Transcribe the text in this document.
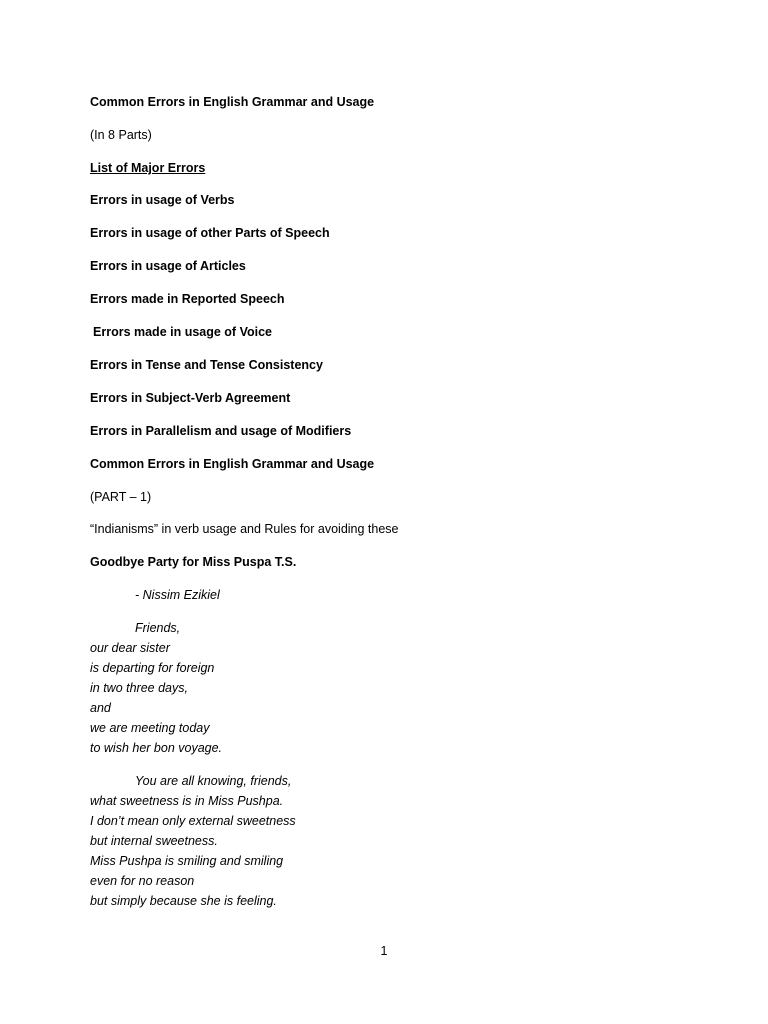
Common Errors in English Grammar and Usage

(In 8 Parts)

List of Major Errors

Errors in usage of Verbs

Errors in usage of other Parts of Speech

Errors in usage of Articles

Errors made in Reported Speech

Errors made in usage of Voice

Errors in Tense and Tense Consistency

Errors in Subject-Verb Agreement

Errors in Parallelism and usage of Modifiers

Common Errors in English Grammar and Usage

(PART – 1)

“Indianisms” in verb usage and Rules for avoiding these

Goodbye Party for Miss Puspa T.S.

- Nissim Ezikiel

Friends,

our dear sister

is departing for foreign

in two three days,

and

we are meeting today

to wish her bon voyage.

You are all knowing, friends,

what sweetness is in Miss Pushpa.

I don’t mean only external sweetness

but internal sweetness.

Miss Pushpa is smiling and smiling

even for no reason

but simply because she is feeling.

1
